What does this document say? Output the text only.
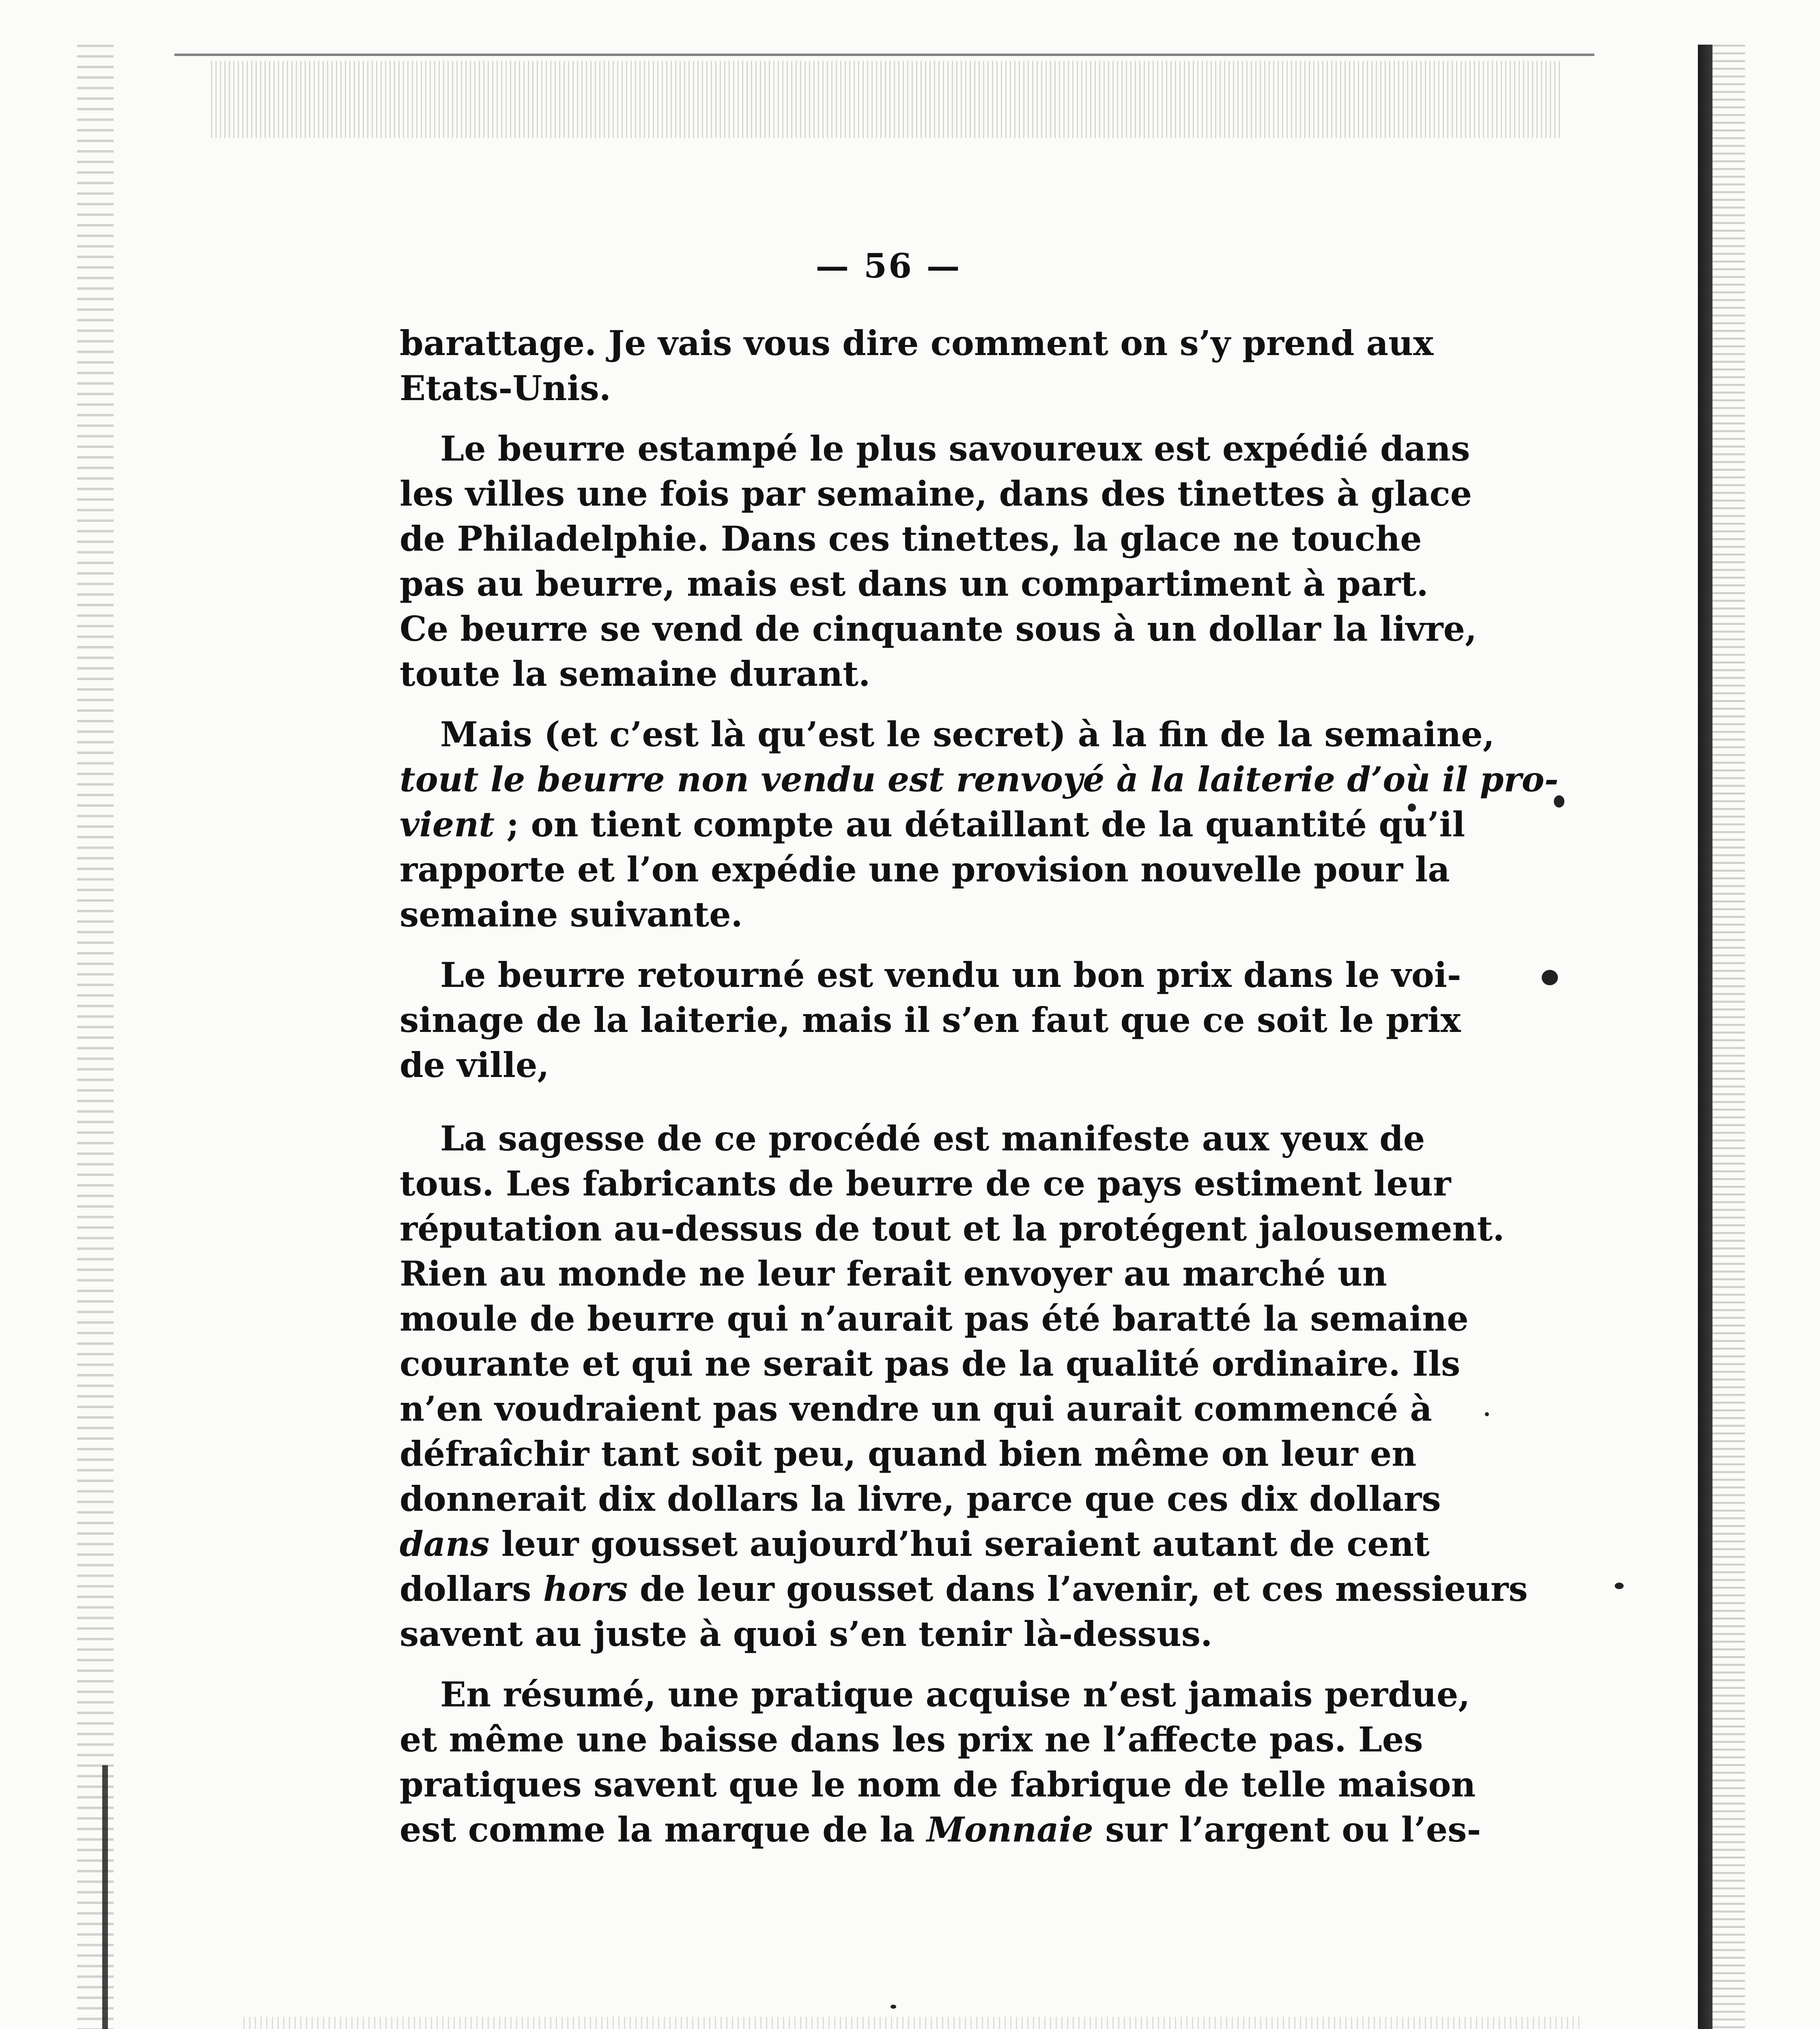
— 56 —
barattage. Je vais vous dire comment on s’y prend aux
Etats-Unis.
Le beurre estampé le plus savoureux est expédié dans
les villes une fois par semaine, dans des tinettes à glace
de Philadelphie. Dans ces tinettes, la glace ne touche
pas au beurre, mais est dans un compartiment à part.
Ce beurre se vend de cinquante sous à un dollar la livre,
toute la semaine durant.
Mais (et c’est là qu’est le secret) à la fin de la semaine,
tout le beurre non vendu est renvoyé à la laiterie d’où il pro-
vient ; on tient compte au détaillant de la quantité qu’il
rapporte et l’on expédie une provision nouvelle pour la
semaine suivante.
Le beurre retourné est vendu un bon prix dans le voi-
sinage de la laiterie, mais il s’en faut que ce soit le prix
de ville,
La sagesse de ce procédé est manifeste aux yeux de
tous. Les fabricants de beurre de ce pays estiment leur
réputation au-dessus de tout et la protégent jalousement.
Rien au monde ne leur ferait envoyer au marché un
moule de beurre qui n’aurait pas été baratté la semaine
courante et qui ne serait pas de la qualité ordinaire. Ils
n’en voudraient pas vendre un qui aurait commencé à
défraîchir tant soit peu, quand bien même on leur en
donnerait dix dollars la livre, parce que ces dix dollars
dans leur gousset aujourd’hui seraient autant de cent
dollars hors de leur gousset dans l’avenir, et ces messieurs
savent au juste à quoi s’en tenir là-dessus.
En résumé, une pratique acquise n’est jamais perdue,
et même une baisse dans les prix ne l’affecte pas. Les
pratiques savent que le nom de fabrique de telle maison
est comme la marque de la Monnaie sur l’argent ou l’es-
